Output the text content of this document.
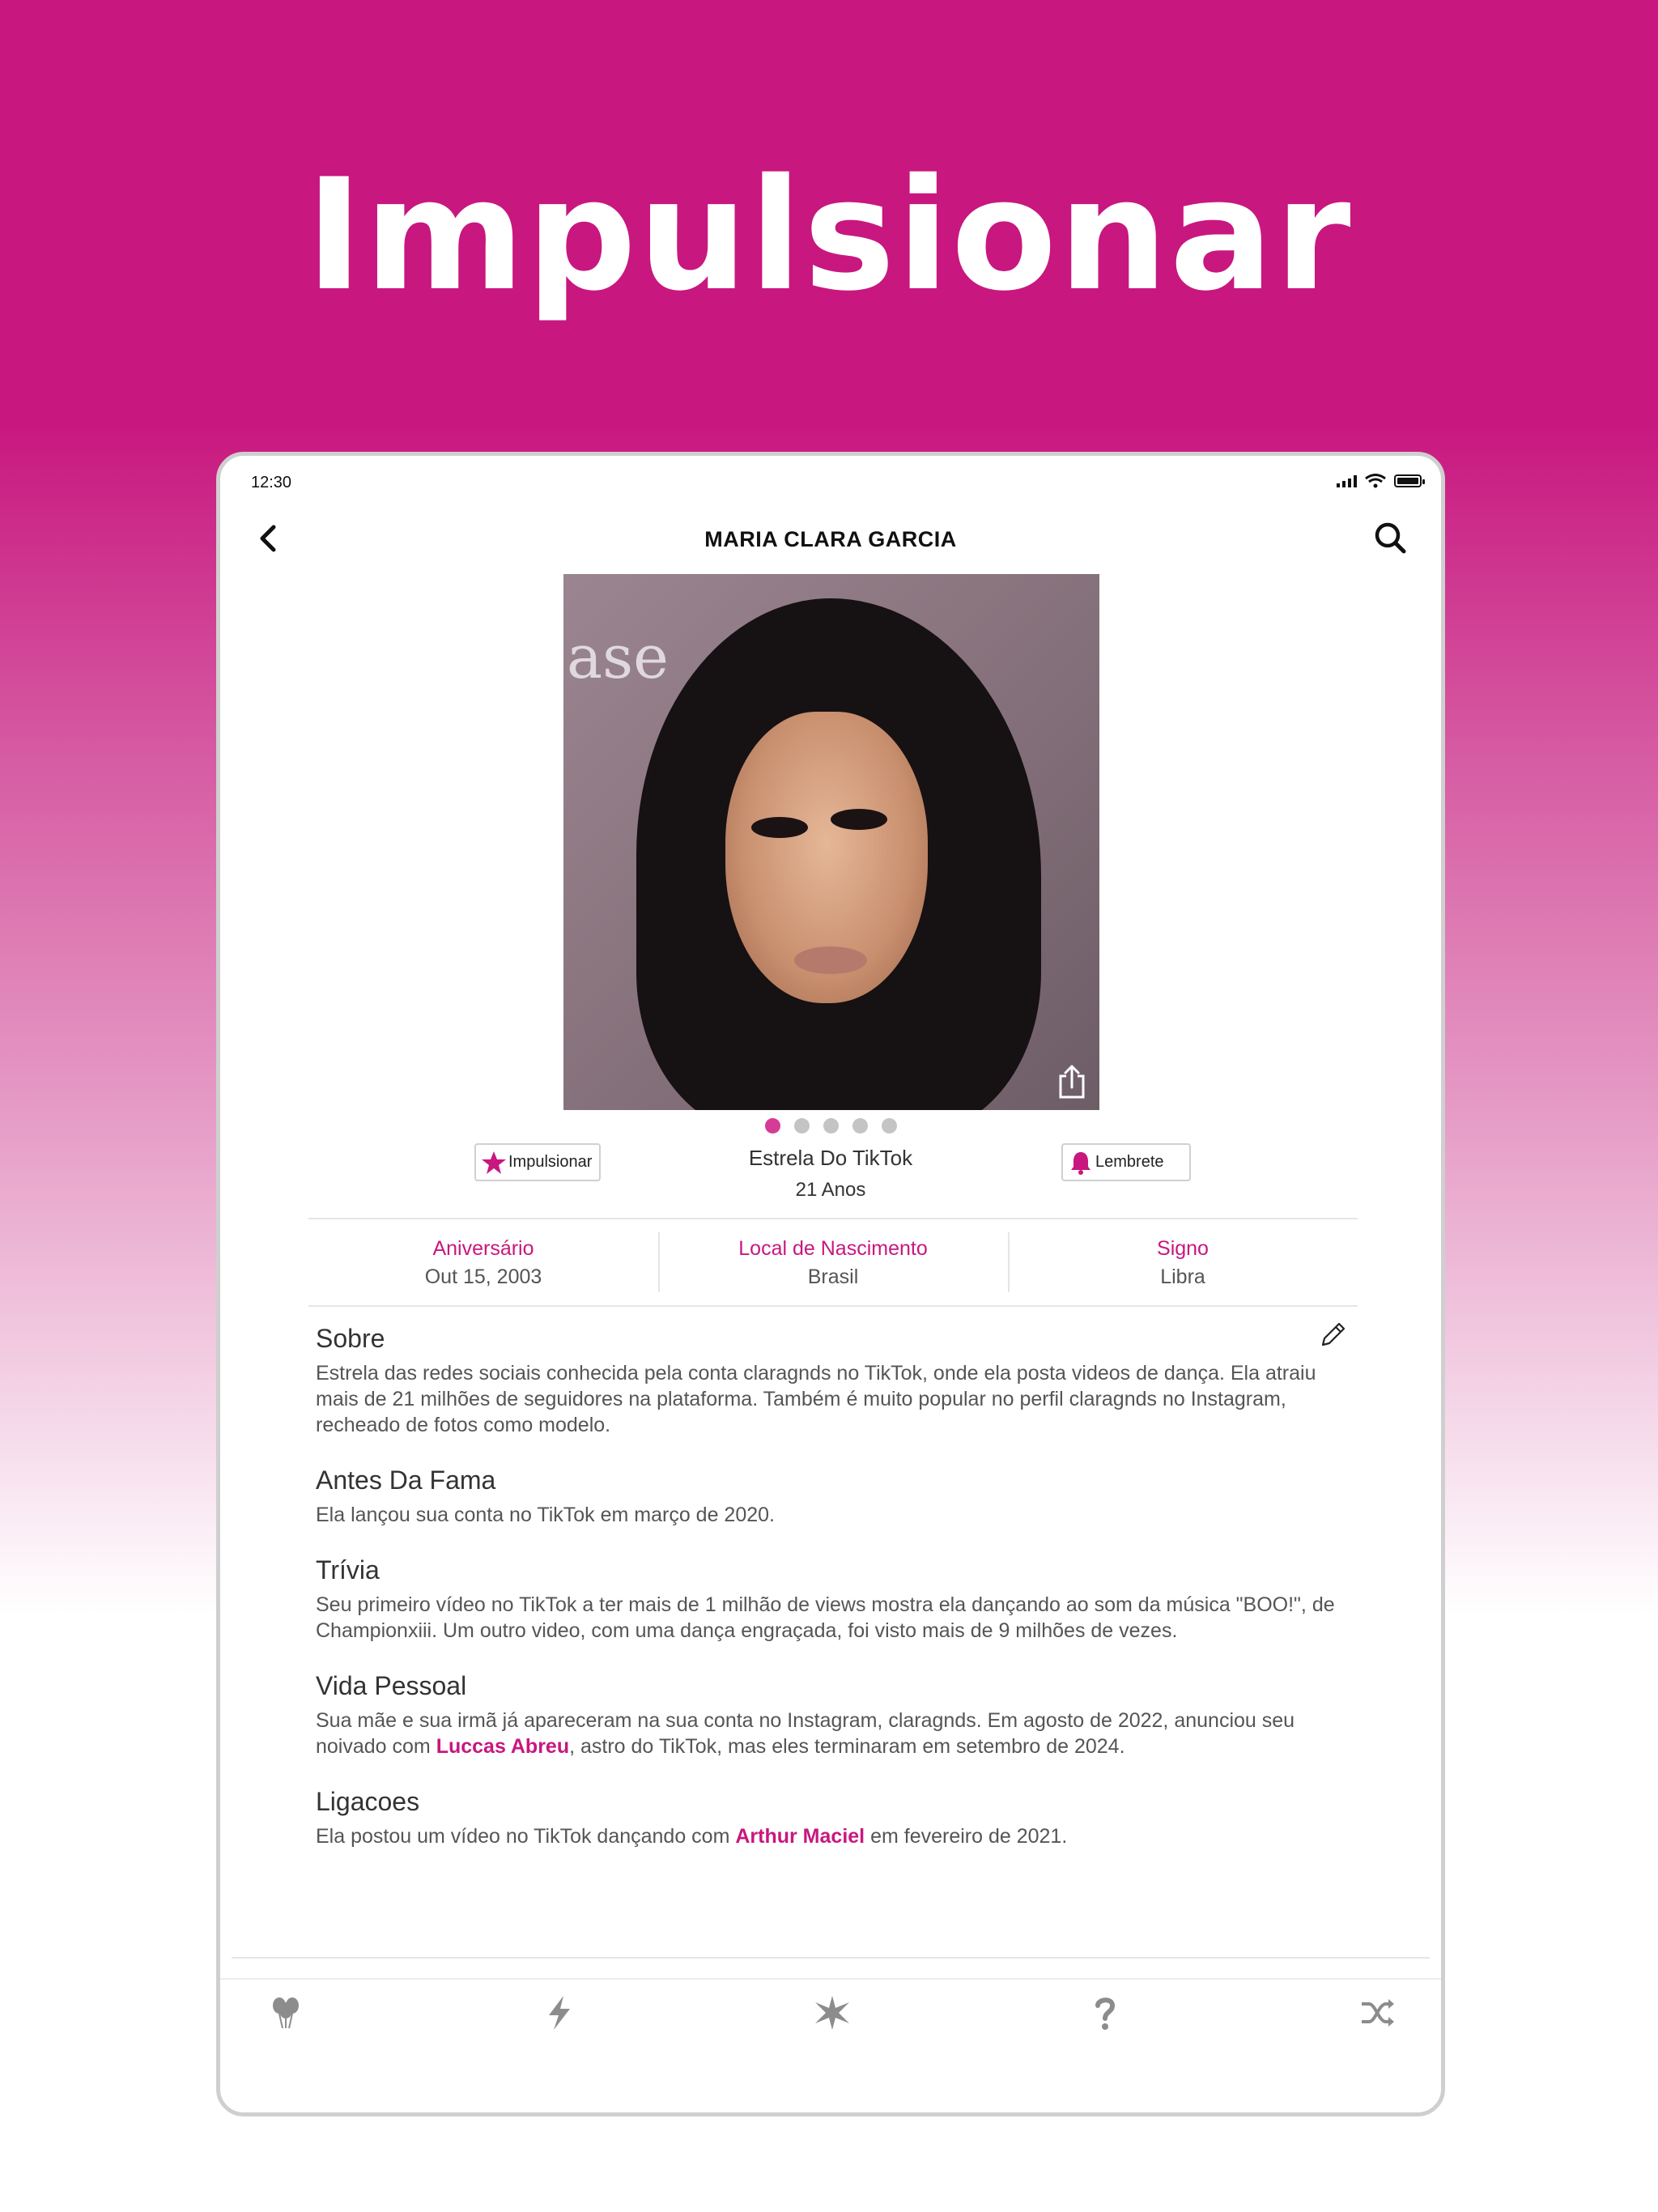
Impulsionar
12:30
MARIA CLARA GARCIA
ase
Impulsionar	Estrela Do TikTok
21 Anos
Lembrete
Aniversário
Out 15, 2003
Local de Nascimento
Brasil
Signo
Libra
Sobre
Estrela das redes sociais conhecida pela conta claragnds no TikTok, onde ela posta videos de dança. Ela atraiu mais de 21 milhões de seguidores na plataforma. Também é muito popular no perfil claragnds no Instagram, recheado de fotos como modelo.
Antes Da Fama
Ela lançou sua conta no TikTok em março de 2020.
Trívia
Seu primeiro vídeo no TikTok a ter mais de 1 milhão de views mostra ela dançando ao som da música "BOO!", de Championxiii. Um outro video, com uma dança engraçada, foi visto mais de 9 milhões de vezes.
Vida Pessoal
Sua mãe e sua irmã já apareceram na sua conta no Instagram, claragnds. Em agosto de 2022, anunciou seu noivado com Luccas Abreu, astro do TikTok, mas eles terminaram em setembro de 2024.
Ligacoes
Ela postou um vídeo no TikTok dançando com Arthur Maciel em fevereiro de 2021.
